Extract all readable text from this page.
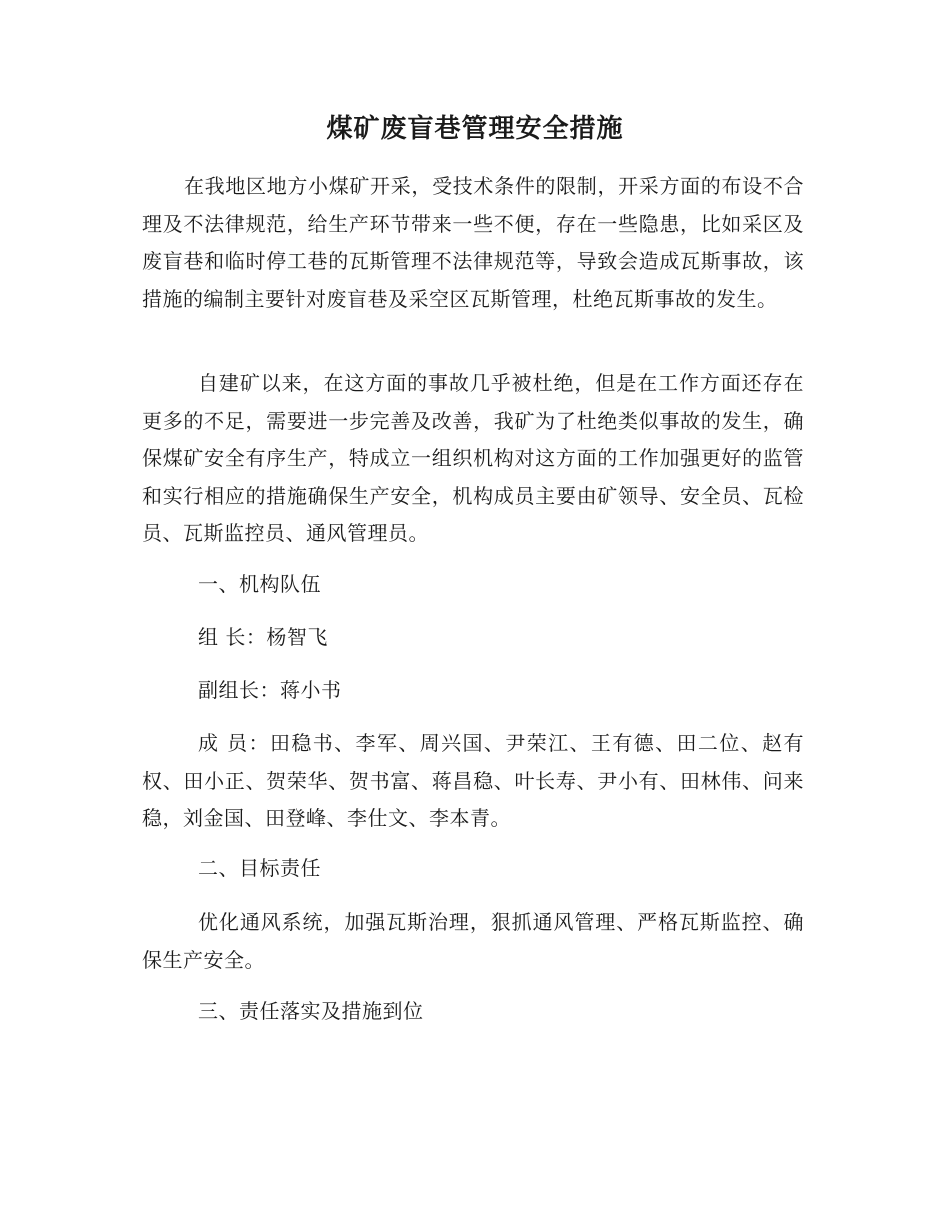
煤矿废盲巷管理安全措施

在我地区地方小煤矿开采，受技术条件的限制，开采方面的布设不合理及不法律规范，给生产环节带来一些不便，存在一些隐患，比如采区及废盲巷和临时停工巷的瓦斯管理不法律规范等，导致会造成瓦斯事故，该措施的编制主要针对废盲巷及采空区瓦斯管理，杜绝瓦斯事故的发生。

自建矿以来，在这方面的事故几乎被杜绝，但是在工作方面还存在更多的不足，需要进一步完善及改善，我矿为了杜绝类似事故的发生，确保煤矿安全有序生产，特成立一组织机构对这方面的工作加强更好的监管和实行相应的措施确保生产安全，机构成员主要由矿领导、安全员、瓦检员、瓦斯监控员、通风管理员。

一、机构队伍

组 长：杨智飞

副组长：蒋小书

成 员：田稳书、李军、周兴国、尹荣江、王有德、田二位、赵有权、田小正、贺荣华、贺书富、蒋昌稳、叶长寿、尹小有、田林伟、问来稳，刘金国、田登峰、李仕文、李本青。

二、目标责任

优化通风系统，加强瓦斯治理，狠抓通风管理、严格瓦斯监控、确保生产安全。

三、责任落实及措施到位
